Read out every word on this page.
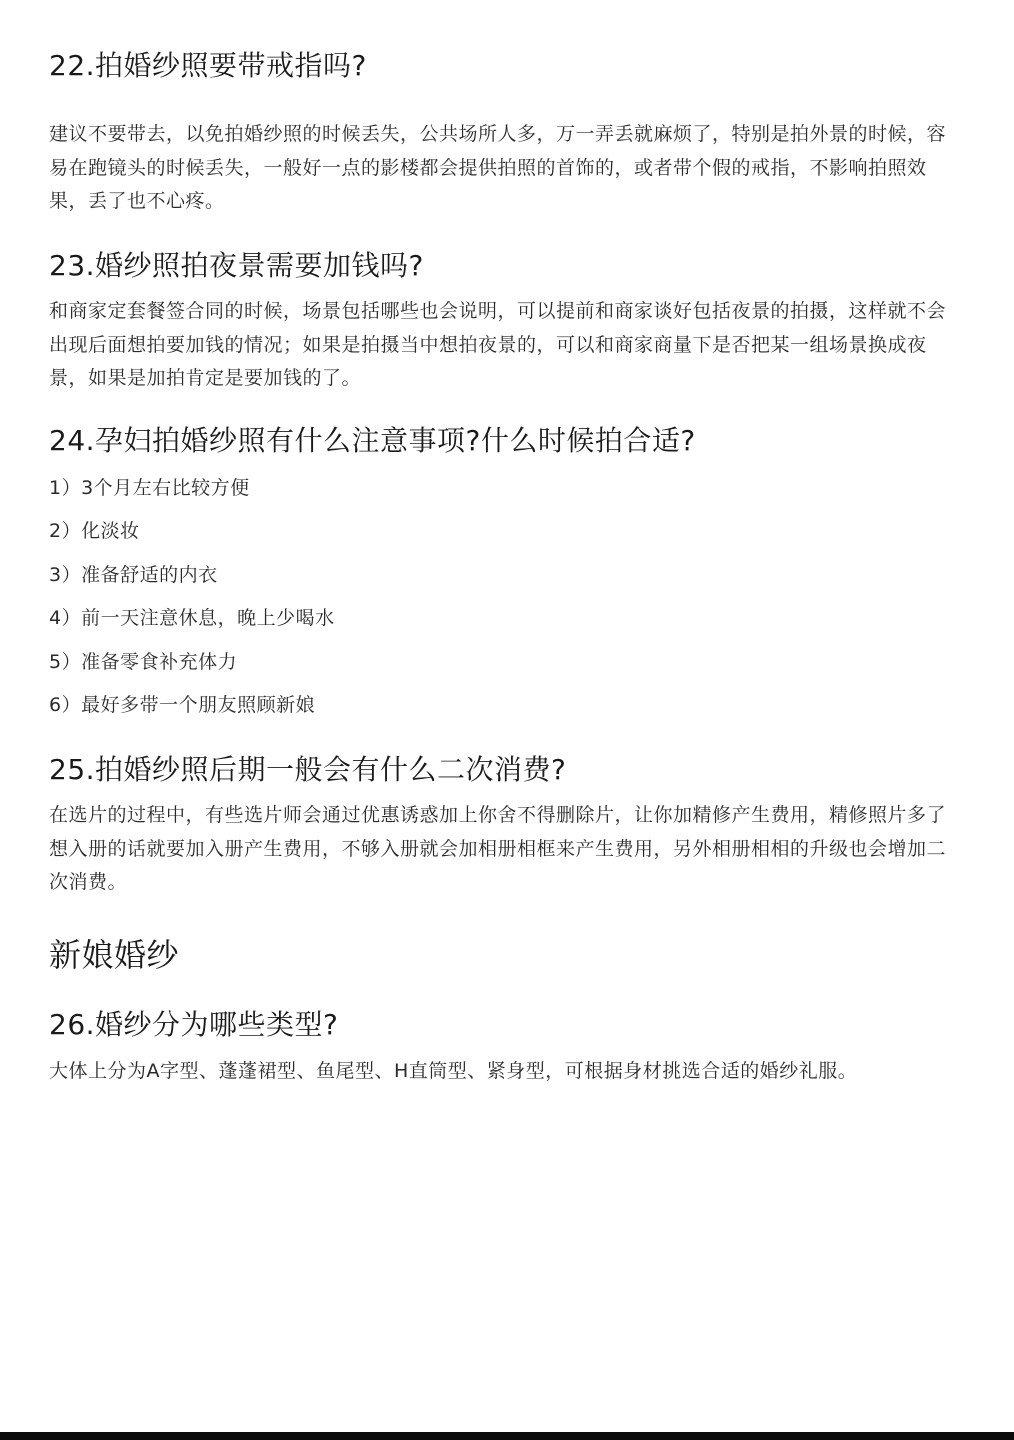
22.拍婚纱照要带戒指吗?

建议不要带去，以免拍婚纱照的时候丢失，公共场所人多，万一弄丢就麻烦了，特别是拍外景的时候，容易在跑镜头的时候丢失，一般好一点的影楼都会提供拍照的首饰的，或者带个假的戒指，不影响拍照效果，丢了也不心疼。

23.婚纱照拍夜景需要加钱吗?

和商家定套餐签合同的时候，场景包括哪些也会说明，可以提前和商家谈好包括夜景的拍摄，这样就不会出现后面想拍要加钱的情况；如果是拍摄当中想拍夜景的，可以和商家商量下是否把某一组场景换成夜景，如果是加拍肯定是要加钱的了。

24.孕妇拍婚纱照有什么注意事项?什么时候拍合适?

1）3个月左右比较方便

2）化淡妆

3）准备舒适的内衣

4）前一天注意休息，晚上少喝水

5）准备零食补充体力

6）最好多带一个朋友照顾新娘

25.拍婚纱照后期一般会有什么二次消费?

在选片的过程中，有些选片师会通过优惠诱惑加上你舍不得删除片，让你加精修产生费用，精修照片多了想入册的话就要加入册产生费用，不够入册就会加相册相框来产生费用，另外相册相相的升级也会增加二次消费。

新娘婚纱
26.婚纱分为哪些类型?

大体上分为A字型、蓬蓬裙型、鱼尾型、H直筒型、紧身型，可根据身材挑选合适的婚纱礼服。
